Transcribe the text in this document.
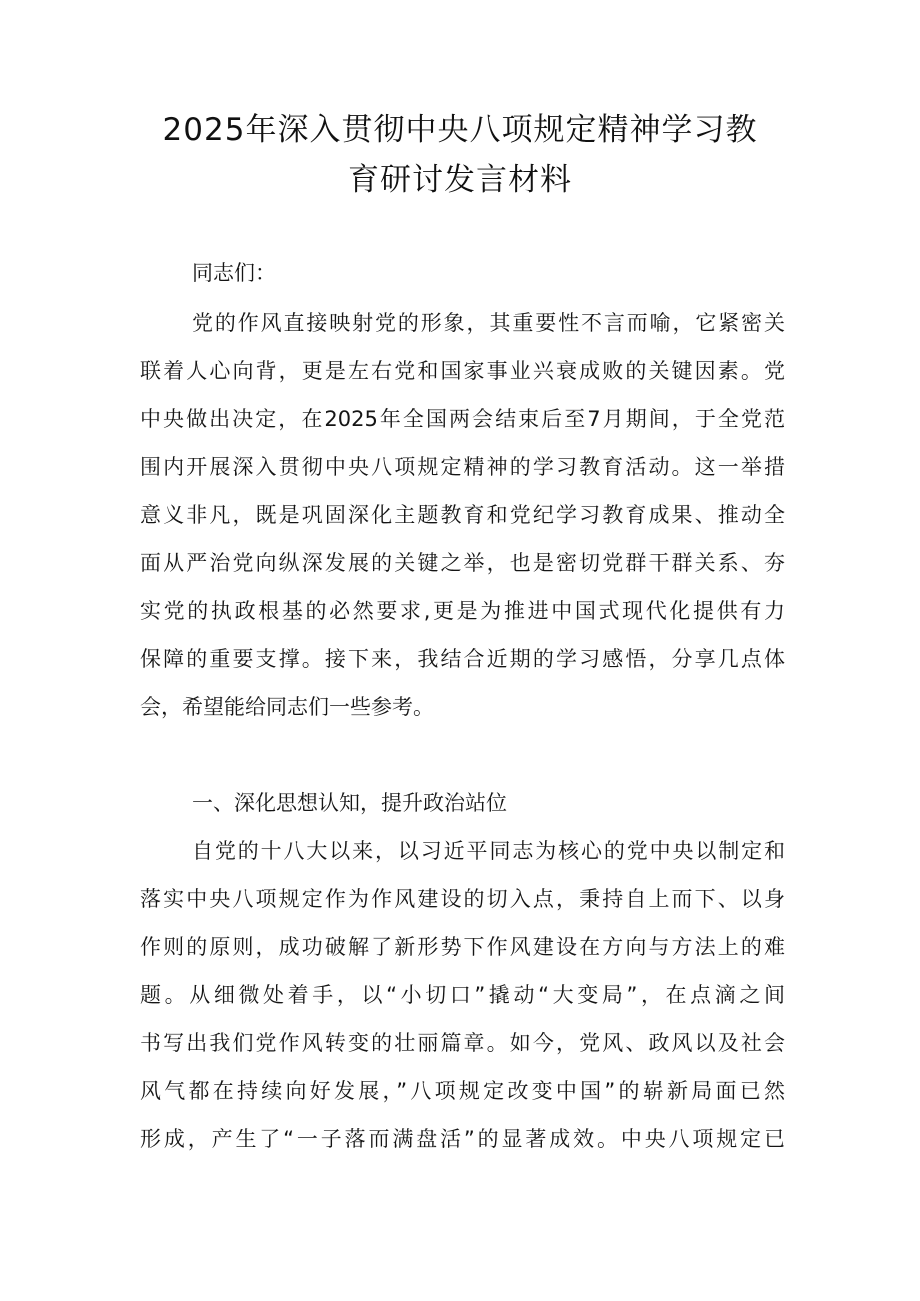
2025年深入贯彻中央八项规定精神学习教
育研讨发言材料
同志们：
党的作风直接映射党的形象，其重要性不言而喻，它紧密关
联着人心向背，更是左右党和国家事业兴衰成败的关键因素。党
中央做出决定，在2025年全国两会结束后至7月期间，于全党范
围内开展深入贯彻中央八项规定精神的学习教育活动。这一举措
意义非凡，既是巩固深化主题教育和党纪学习教育成果、推动全
面从严治党向纵深发展的关键之举，也是密切党群干群关系、夯
实党的执政根基的必然要求,更是为推进中国式现代化提供有力
保障的重要支撑。接下来，我结合近期的学习感悟，分享几点体
会，希望能给同志们一些参考。
一、深化思想认知，提升政治站位
自党的十八大以来，以习近平同志为核心的党中央以制定和
落实中央八项规定作为作风建设的切入点，秉持自上而下、以身
作则的原则，成功破解了新形势下作风建设在方向与方法上的难
题。从细微处着手，以“小切口”撬动“大变局”，在点滴之间
书写出我们党作风转变的壮丽篇章。如今，党风、政风以及社会
风气都在持续向好发展，”八项规定改变中国”的崭新局面已然
形成，产生了“一子落而满盘活”的显著成效。中央八项规定已
